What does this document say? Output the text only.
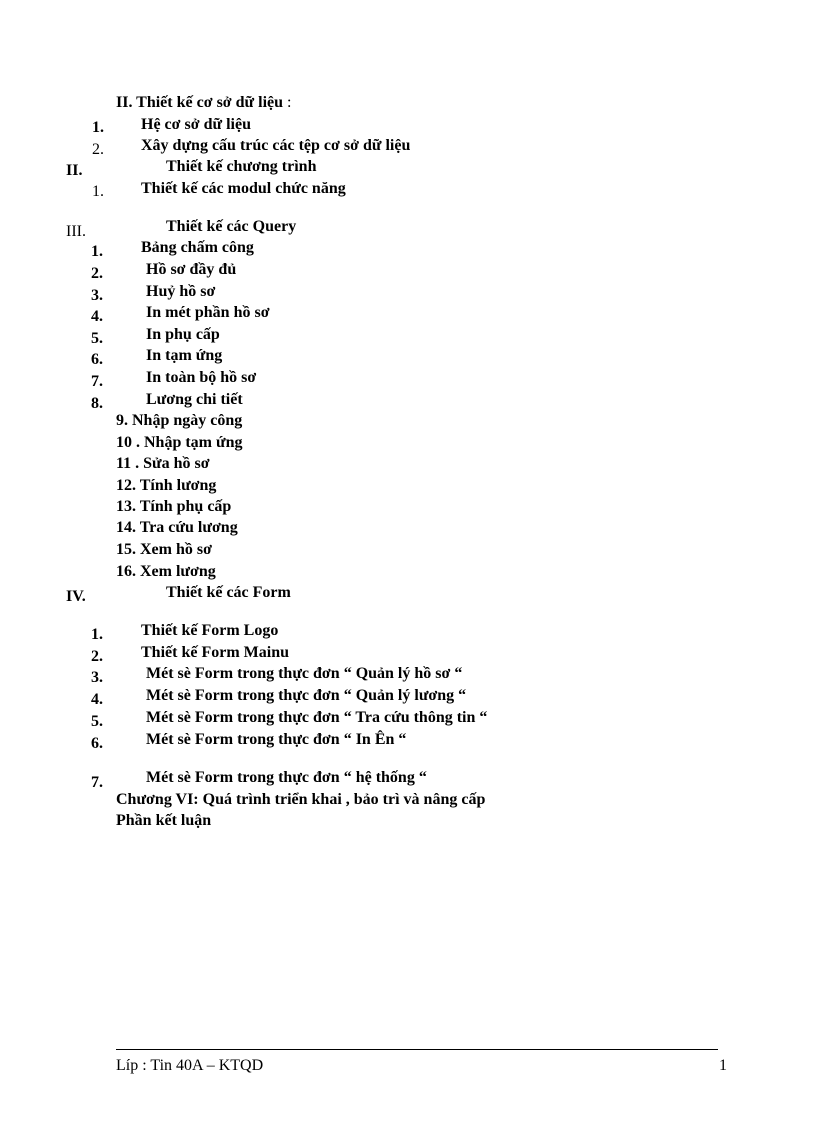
II. Thiết kế cơ sở dữ liệu :
1. Hệ cơ sở dữ liệu
2. Xây dựng cấu trúc các tệp cơ sở dữ liệu
II.	Thiết kế chương trình
1. Thiết kế các modul chức năng
III.	Thiết kế các Query
1. Bảng chấm công
2.	Hồ sơ đầy đủ
3.	Huỷ hồ sơ
4.	In mét phần hồ sơ
5.	In phụ cấp
6.	In tạm ứng
7.	In toàn bộ hồ sơ
8.	Lương chi tiết
9. Nhập ngày công
10 . Nhập tạm ứng
11 . Sửa hồ sơ
12. Tính lương
13. Tính phụ cấp
14. Tra cứu lương
15. Xem hồ sơ
16. Xem lương
IV.	Thiết kế các Form
1. Thiết kế Form Logo
2. Thiết kế Form Mainu
3.	Mét sè Form trong thực đơn “ Quản lý hồ sơ “
4.	Mét sè Form trong thực đơn “ Quản lý lương “
5.	Mét sè Form trong thực đơn “ Tra cứu thông tin “
6.	Mét sè Form trong thực đơn “ In Ên “
7.	Mét sè Form trong thực đơn “ hệ thống “
Chương VI: Quá trình triển khai , bảo trì và nâng cấp
Phần kết luận
Líp : Tin 40A – KTQD	1
